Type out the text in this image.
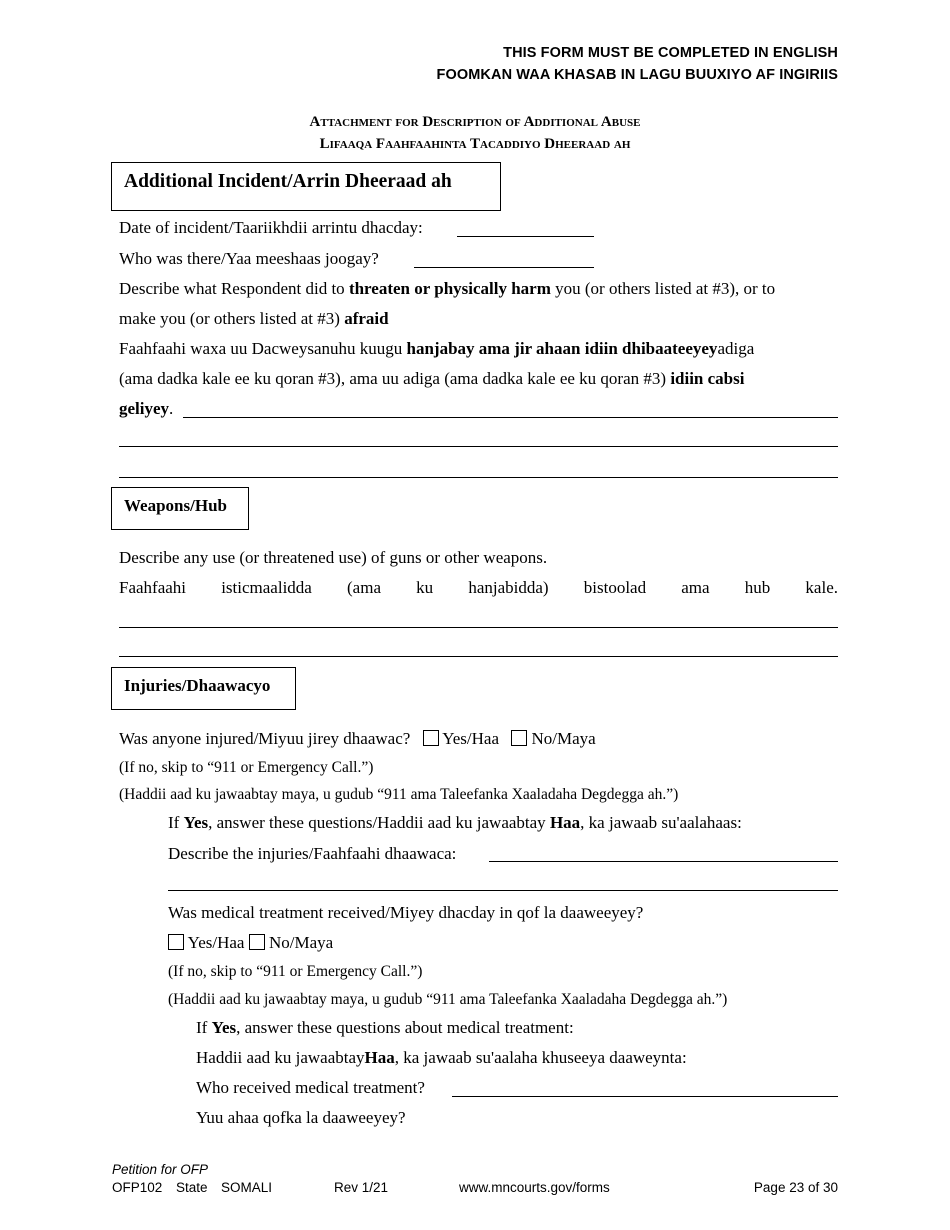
THIS FORM MUST BE COMPLETED IN ENGLISH
FOOMKAN WAA KHASAB IN LAGU BUUXIYO AF INGIRIIS
Attachment for Description of Additional Abuse
Lifaaqa Faahfaahinta Tacaddiyo Dheeraad ah
Additional Incident/Arrin Dheeraad ah
Date of incident/Taariikhdii arrintu dhacday:
Who was there/Yaa meeshaas joogay?
Describe what Respondent did to threaten or physically harm you (or others listed at #3), or to
make you (or others listed at #3) afraid
Faahfaahi waxa uu Dacweysanuhu kuugu hanjabay ama jir ahaan idiin dhibaateeyeyadiga
(ama dadka kale ee ku qoran #3), ama uu adiga (ama dadka kale ee ku qoran #3) idiin cabsi
geliyey.
Weapons/Hub
Describe any use (or threatened use) of guns or other weapons.
Faahfaahi isticmaalidda (ama ku hanjabidda) bistoolad ama hub kale.
Injuries/Dhaawacyo
Was anyone injured/Miyuu jirey dhaawac? Yes/Haa No/Maya
(If no, skip to “911 or Emergency Call.”)
(Haddii aad ku jawaabtay maya, u gudub “911 ama Taleefanka Xaaladaha Degdegga ah.”)
If Yes, answer these questions/Haddii aad ku jawaabtay Haa, ka jawaab su'aalahaas:
Describe the injuries/Faahfaahi dhaawaca:
Was medical treatment received/Miyey dhacday in qof la daaweeyey?
Yes/Haa No/Maya
(If no, skip to “911 or Emergency Call.”)
(Haddii aad ku jawaabtay maya, u gudub “911 ama Taleefanka Xaaladaha Degdegga ah.”)
If Yes, answer these questions about medical treatment:
Haddii aad ku jawaabtayHaa, ka jawaab su'aalaha khuseeya daaweynta:
Who received medical treatment?
Yuu ahaa qofka la daaweeyey?
Petition for OFP
OFP102 State SOMALI	Rev 1/21	www.mncourts.gov/forms	Page 23 of 30
